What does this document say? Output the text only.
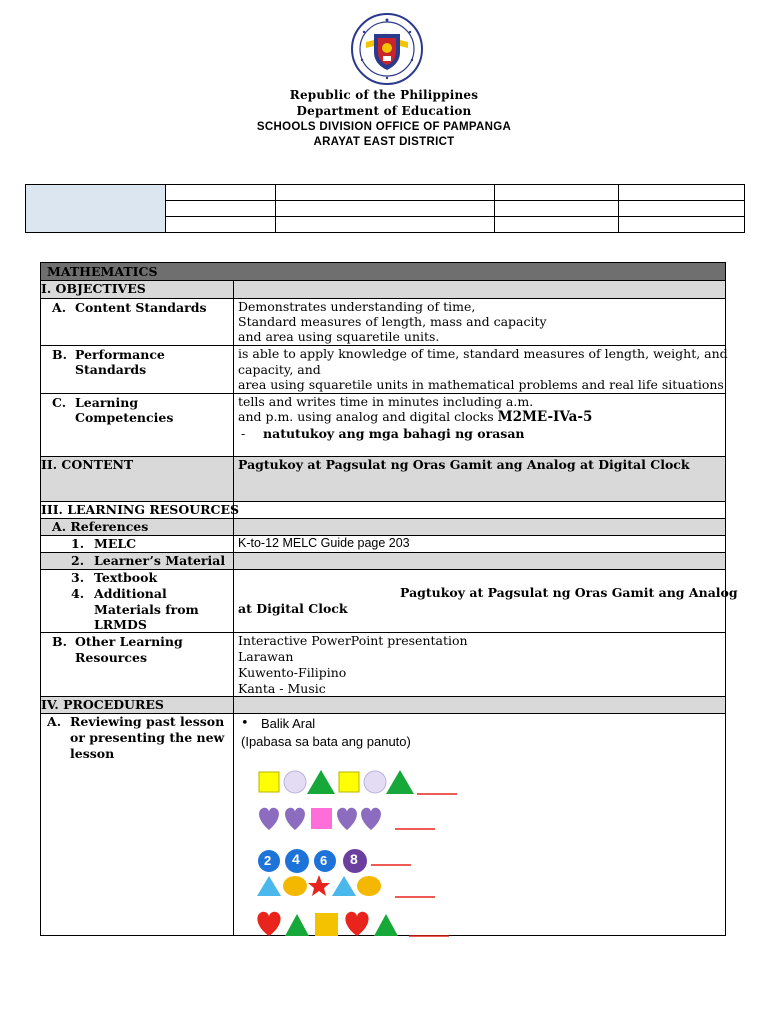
Republic of the Philippines
Department of Education
SCHOOLS DIVISION OFFICE OF PAMPANGA
ARAYAT EAST DISTRICT
MATHEMATICS
I. OBJECTIVES
A. Content Standards
B. Performance
Standards
C. Learning
Competencies
II. CONTENT
III. LEARNING RESOURCES
A. References
1. MELC
2. Learner’s Material
3. Textbook
4. Additional
Materials from
LRMDS
B. Other Learning
Resources
IV. PROCEDURES
A. Reviewing past lesson
or presenting the new
lesson
Demonstrates understanding of time,
Standard measures of length, mass and capacity
and area using squaretile units.
is able to apply knowledge of time, standard measures of length, weight, and
capacity, and
area using squaretile units in mathematical problems and real life situations
tells and writes time in minutes including a.m.
and p.m. using analog and digital clocks M2ME-IVa-5
- natutukoy ang mga bahagi ng orasan
Pagtukoy at Pagsulat ng Oras Gamit ang Analog at Digital Clock
K-to-12 MELC Guide page 203
Pagtukoy at Pagsulat ng Oras Gamit ang Analog
at Digital Clock
Interactive PowerPoint presentation
Larawan
Kuwento-Filipino
Kanta - Music
• Balik Aral
(Ipabasa sa bata ang panuto)
2 4 6 8
